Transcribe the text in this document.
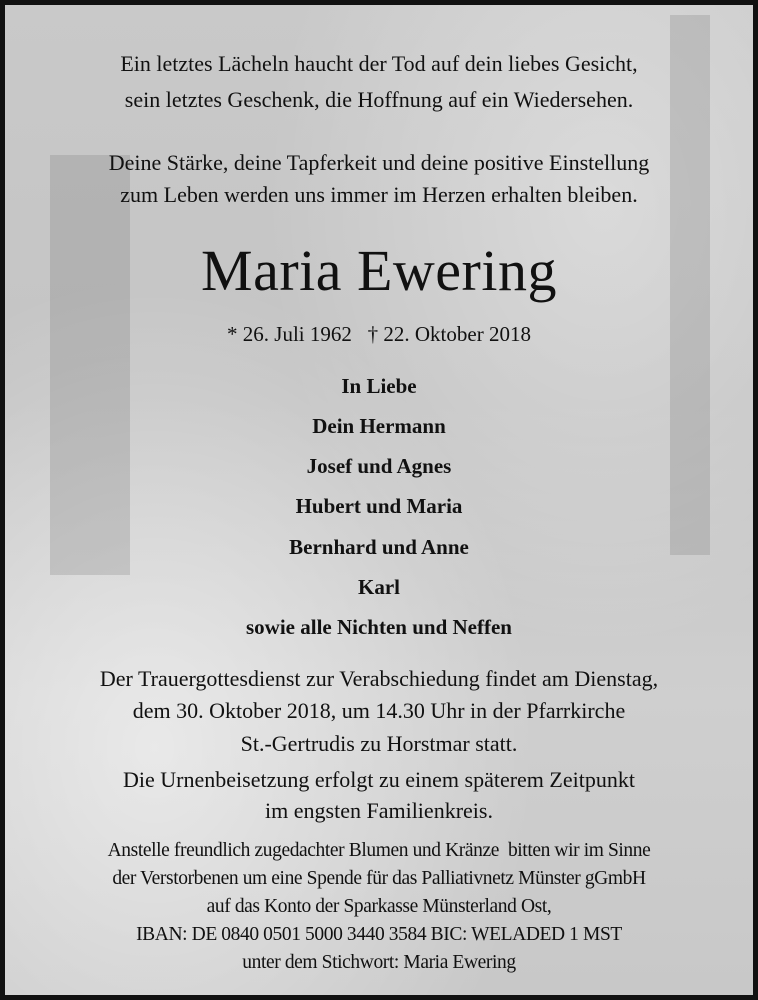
Ein letztes Lächeln haucht der Tod auf dein liebes Gesicht,
sein letztes Geschenk, die Hoffnung auf ein Wiedersehen.
Deine Stärke, deine Tapferkeit und deine positive Einstellung
zum Leben werden uns immer im Herzen erhalten bleiben.
Maria Ewering
* 26. Juli 1962   † 22. Oktober 2018
In Liebe
Dein Hermann
Josef und Agnes
Hubert und Maria
Bernhard und Anne
Karl
sowie alle Nichten und Neffen
Der Trauergottesdienst zur Verabschiedung findet am Dienstag,
dem 30. Oktober 2018, um 14.30 Uhr in der Pfarrkirche
St.-Gertrudis zu Horstmar statt.
Die Urnenbeisetzung erfolgt zu einem späterem Zeitpunkt
im engsten Familienkreis.
Anstelle freundlich zugedachter Blumen und Kränze  bitten wir im Sinne
der Verstorbenen um eine Spende für das Palliativnetz Münster gGmbH
auf das Konto der Sparkasse Münsterland Ost,
IBAN: DE 0840 0501 5000 3440 3584 BIC: WELADED 1 MST
unter dem Stichwort: Maria Ewering
